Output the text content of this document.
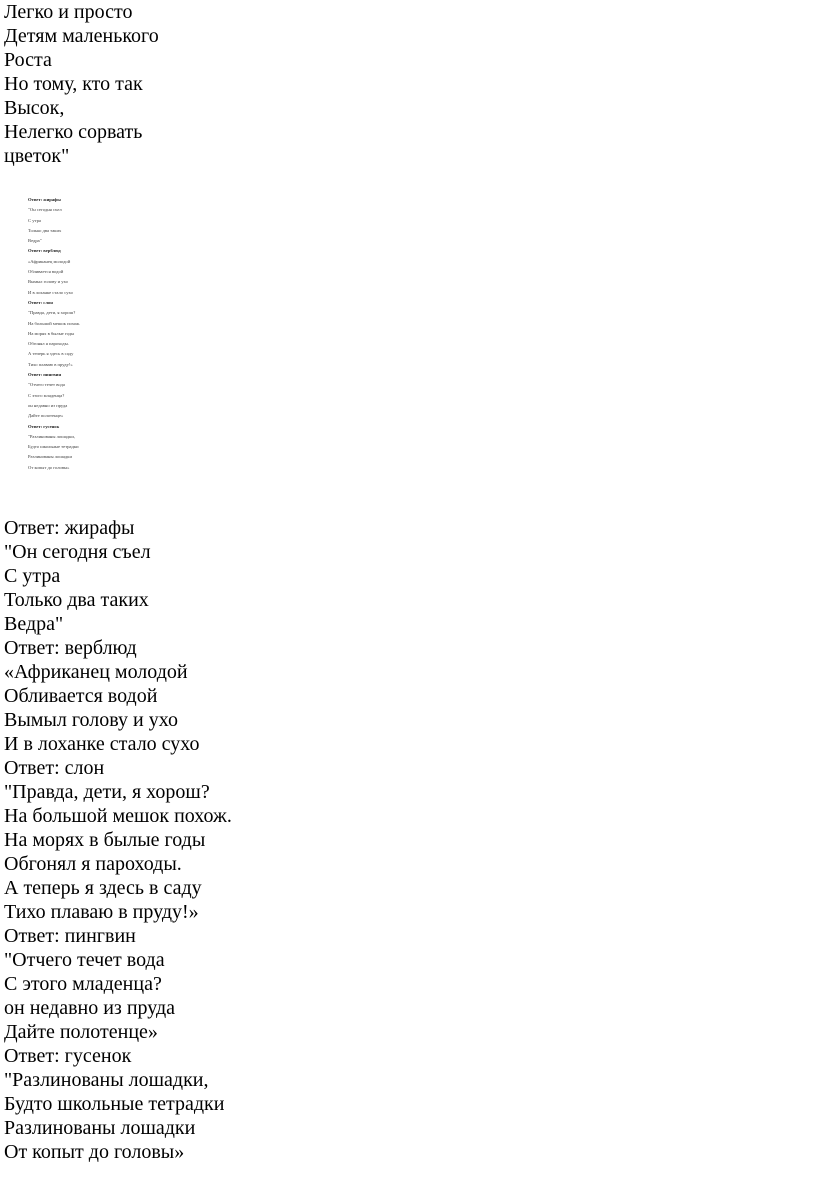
Легко и просто
Детям маленького
Роста
Но тому, кто так
Высок,
Нелегко сорвать
цветок"
Ответ: жирафы
"Он сегодня съел
С утра
Только два таких
Ведра"
Ответ: верблюд
«Африканец молодой
Обливается водой
Вымыл голову и ухо
И в лоханке стало сухо
Ответ: слон
"Правда, дети, я хорош?
На большой мешок похож.
На морях в былые годы
Обгонял я пароходы.
А теперь я здесь в саду
Тихо плаваю в пруду!»
Ответ: пингвин
"Отчего течет вода
С этого младенца?
он недавно из пруда
Дайте полотенце»
Ответ: гусенок
"Разлинованы лошадки,
Будто школьные тетрадки
Разлинованы лошадки
От копыт до головы»
Ответ: жирафы
"Он сегодня съел
С утра
Только два таких
Ведра"
Ответ: верблюд
«Африканец молодой
Обливается водой
Вымыл голову и ухо
И в лоханке стало сухо
Ответ: слон
"Правда, дети, я хорош?
На большой мешок похож.
На морях в былые годы
Обгонял я пароходы.
А теперь я здесь в саду
Тихо плаваю в пруду!»
Ответ: пингвин
"Отчего течет вода
С этого младенца?
он недавно из пруда
Дайте полотенце»
Ответ: гусенок
"Разлинованы лошадки,
Будто школьные тетрадки
Разлинованы лошадки
От копыт до головы»
